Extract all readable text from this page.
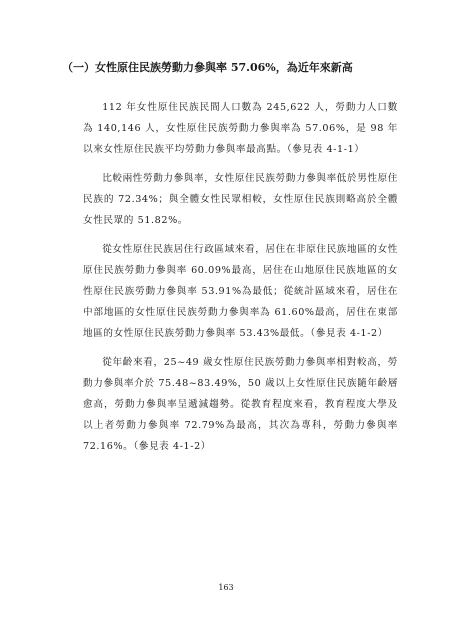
（一）女性原住民族勞動力參與率 57.06%，為近年來新高
112 年女性原住民族民間人口數為 245,622 人，勞動力人口數為 140,146 人，女性原住民族勞動力參與率為 57.06%，是 98 年以來女性原住民族平均勞動力參與率最高點。（參見表 4-1-1）
比較兩性勞動力參與率，女性原住民族勞動力參與率低於男性原住民族的 72.34%；與全體女性民眾相較，女性原住民族則略高於全體女性民眾的 51.82%。
從女性原住民族居住行政區域來看，居住在非原住民族地區的女性原住民族勞動力參與率 60.09%最高，居住在山地原住民族地區的女性原住民族勞動力參與率 53.91%為最低；從統計區域來看，居住在中部地區的女性原住民族勞動力參與率為 61.60%最高，居住在東部地區的女性原住民族勞動力參與率 53.43%最低。（參見表 4-1-2）
從年齡來看，25~49 歲女性原住民族勞動力參與率相對較高，勞動力參與率介於 75.48~83.49%，50 歲以上女性原住民族隨年齡層愈高，勞動力參與率呈遞減趨勢。從教育程度來看，教育程度大學及以上者勞動力參與率 72.79%為最高，其次為專科，勞動力參與率 72.16%。（參見表 4-1-2）
163
